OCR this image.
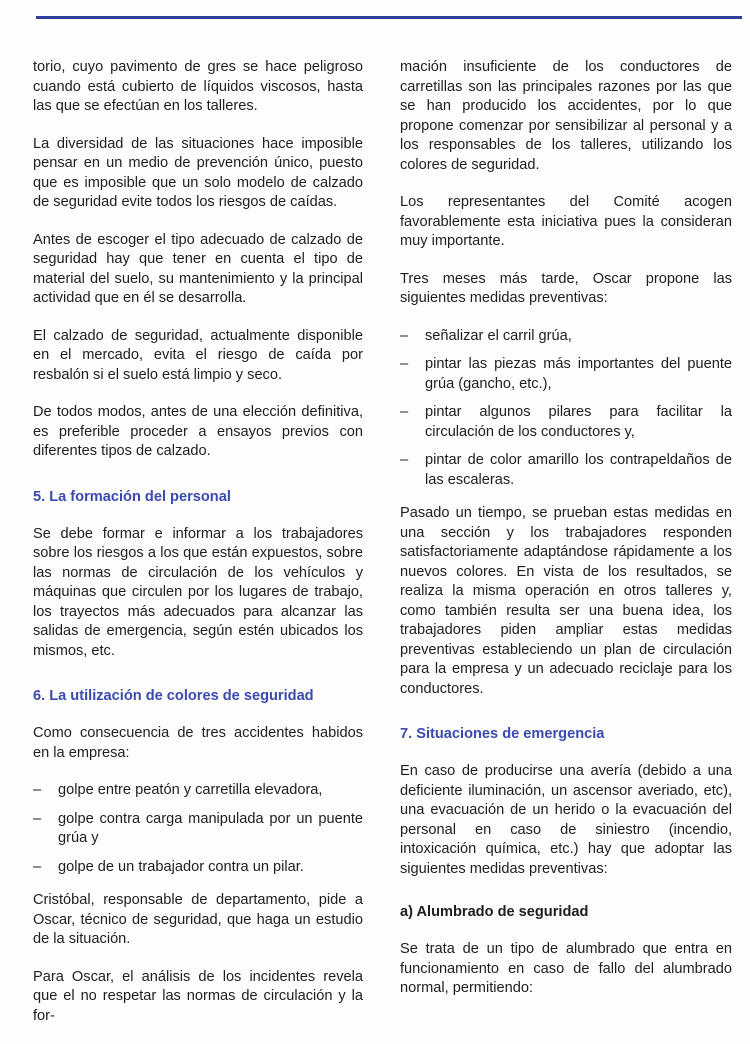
torio, cuyo pavimento de gres se hace peligroso cuando está cubierto de líquidos viscosos, hasta las que se efectúan en los talleres.

La diversidad de las situaciones hace imposible pensar en un medio de prevención único, puesto que es imposible que un solo modelo de calzado de seguridad evite todos los riesgos de caídas.

Antes de escoger el tipo adecuado de calzado de seguridad hay que tener en cuenta el tipo de material del suelo, su mantenimiento y la principal actividad que en él se desarrolla.

El calzado de seguridad, actualmente disponible en el mercado, evita el riesgo de caída por resbalón si el suelo está limpio y seco.

De todos modos, antes de una elección definitiva, es preferible proceder a ensayos previos con diferentes tipos de calzado.

5. La formación del personal

Se debe formar e informar a los trabajadores sobre los riesgos a los que están expuestos, sobre las normas de circulación de los vehículos y máquinas que circulen por los lugares de trabajo, los trayectos más adecuados para alcanzar las salidas de emergencia, según estén ubicados los mismos, etc.

6. La utilización de colores de seguridad

Como consecuencia de tres accidentes habidos en la empresa:

– golpe entre peatón y carretilla elevadora,
– golpe contra carga manipulada por un puente grúa y
– golpe de un trabajador contra un pilar.

Cristóbal, responsable de departamento, pide a Oscar, técnico de seguridad, que haga un estudio de la situación.

Para Oscar, el análisis de los incidentes revela que el no respetar las normas de circulación y la for-

mación insuficiente de los conductores de carretillas son las principales razones por las que se han producido los accidentes, por lo que propone comenzar por sensibilizar al personal y a los responsables de los talleres, utilizando los colores de seguridad.

Los representantes del Comité acogen favorablemente esta iniciativa pues la consideran muy importante.

Tres meses más tarde, Oscar propone las siguientes medidas preventivas:

– señalizar el carril grúa,
– pintar las piezas más importantes del puente grúa (gancho, etc.),
– pintar algunos pilares para facilitar la circulación de los conductores y,
– pintar de color amarillo los contrapeldaños de las escaleras.

Pasado un tiempo, se prueban estas medidas en una sección y los trabajadores responden satisfactoriamente adaptándose rápidamente a los nuevos colores. En vista de los resultados, se realiza la misma operación en otros talleres y, como también resulta ser una buena idea, los trabajadores piden ampliar estas medidas preventivas estableciendo un plan de circulación para la empresa y un adecuado reciclaje para los conductores.

7. Situaciones de emergencia

En caso de producirse una avería (debido a una deficiente iluminación, un ascensor averiado, etc), una evacuación de un herido o la evacuación del personal en caso de siniestro (incendio, intoxicación química, etc.) hay que adoptar las siguientes medidas preventivas:

a) Alumbrado de seguridad

Se trata de un tipo de alumbrado que entra en funcionamiento en caso de fallo del alumbrado normal, permitiendo:
